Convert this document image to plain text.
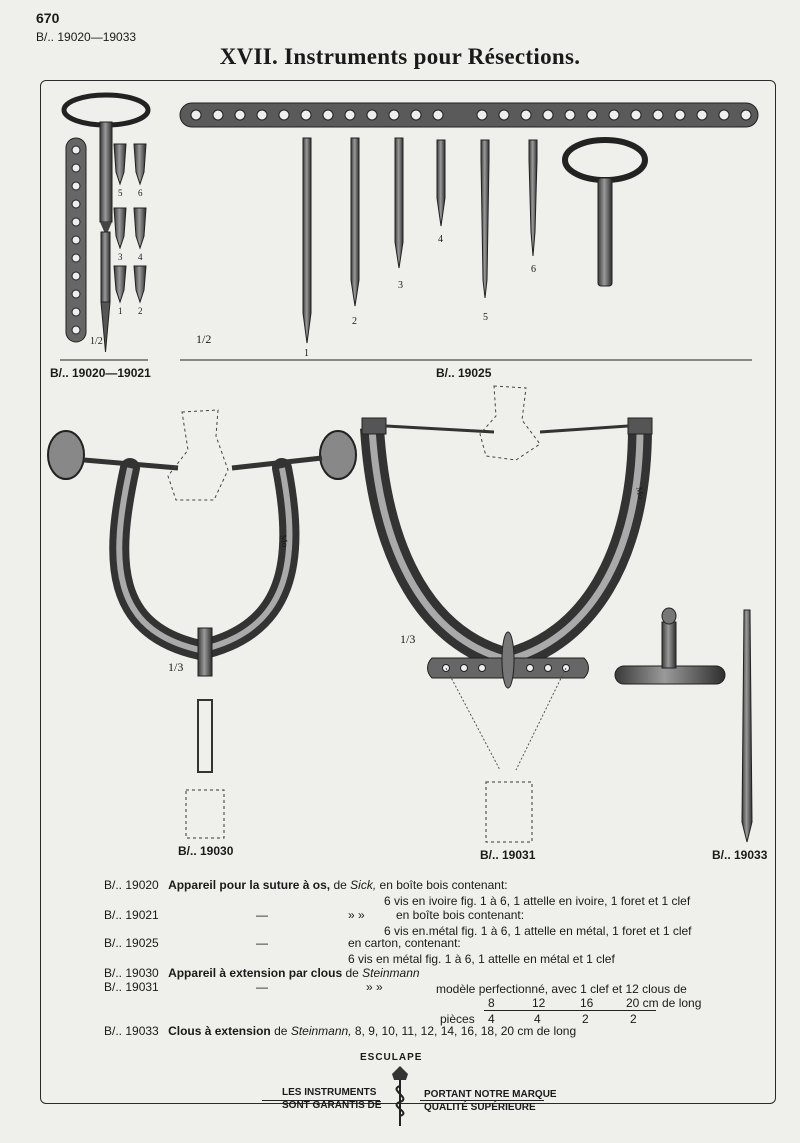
670
B/.. 19020—19033
XVII. Instruments pour Résections.
B/.. 19020—19021	B/.. 19025
B/.. 19030	B/.. 19031	B/.. 19033
1/2
1/3
1/3
1/2
1
2
3
4
5
6
5 6
3 4
1 2
Mo
Mo
B/.. 19020 Appareil pour la suture à os, de Sick, en boîte bois contenant:
6 vis en ivoire fig. 1 à 6, 1 attelle en ivoire, 1 foret et 1 clef
B/.. 19021	—	» »	en boîte bois contenant:
6 vis en.métal fig. 1 à 6, 1 attelle en métal, 1 foret et 1 clef
B/.. 19025	—	en carton, contenant:
6 vis en métal fig. 1 à 6, 1 attelle en métal et 1 clef
B/.. 19030 Appareil à extension par clous de Steinmann
B/.. 19031	—	» »	modèle perfectionné, avec 1 clef et 12 clous de
8	12	16	20 cm de long
pièces 4	4	2	2
B/.. 19033 Clous à extension de Steinmann, 8, 9, 10, 11, 12, 14, 16, 18, 20 cm de long
ESCULAPE
LES INSTRUMENTS
SONT GARANTIS DE
PORTANT NOTRE MARQUE
QUALITÉ SUPÉRIEURE
